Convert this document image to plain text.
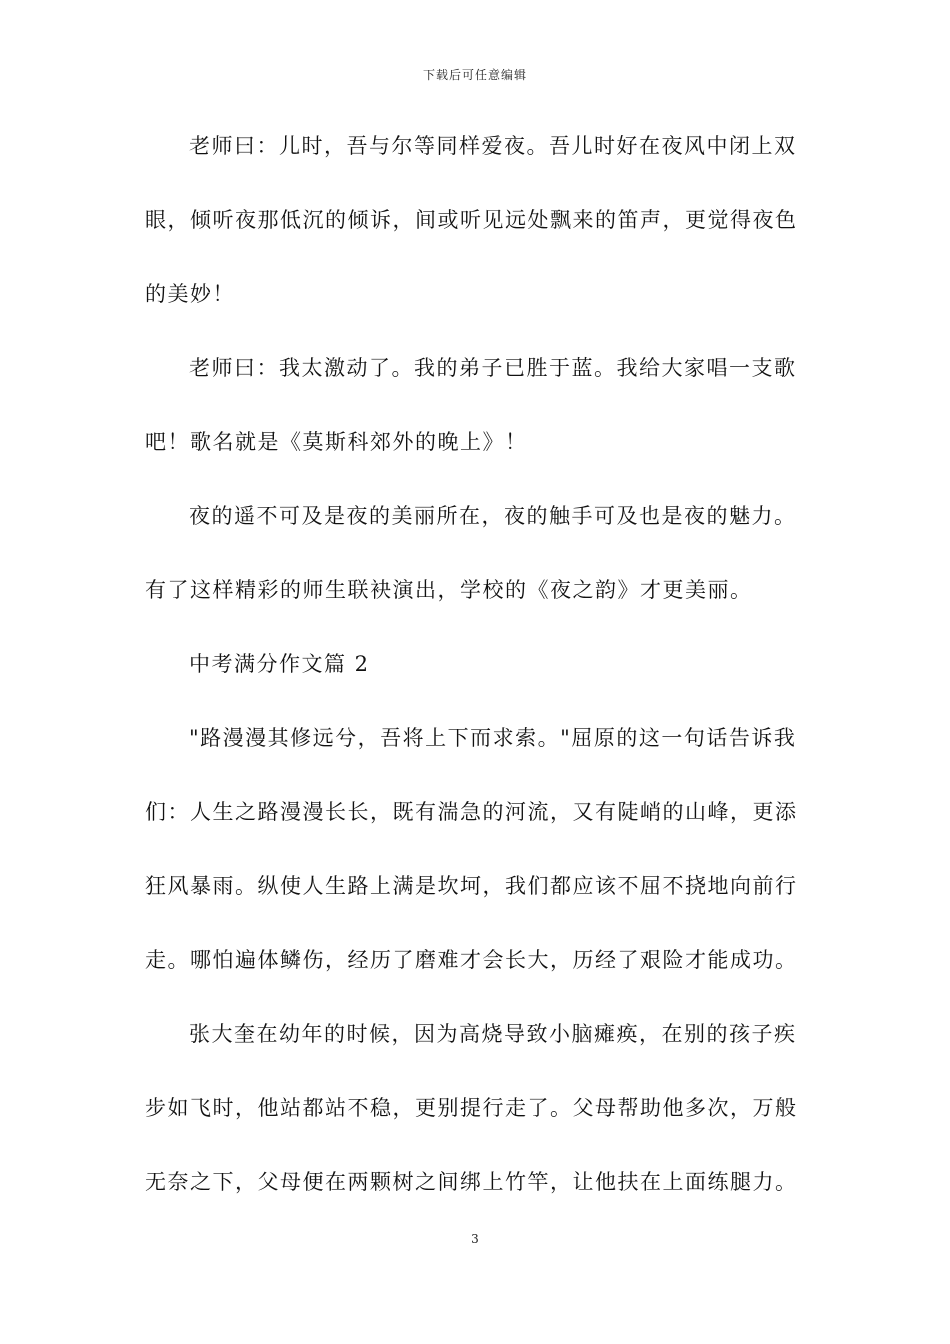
下载后可任意编辑
老师曰：儿时，吾与尔等同样爱夜。吾儿时好在夜风中闭上双
眼，倾听夜那低沉的倾诉，间或听见远处飘来的笛声，更觉得夜色
的美妙！
老师曰：我太激动了。我的弟子已胜于蓝。我给大家唱一支歌
吧！歌名就是《莫斯科郊外的晚上》！
夜的遥不可及是夜的美丽所在，夜的触手可及也是夜的魅力。
有了这样精彩的师生联袂演出，学校的《夜之韵》才更美丽。
中考满分作文篇 2
"路漫漫其修远兮，吾将上下而求索。"屈原的这一句话告诉我
们：人生之路漫漫长长，既有湍急的河流，又有陡峭的山峰，更添
狂风暴雨。纵使人生路上满是坎坷，我们都应该不屈不挠地向前行
走。哪怕遍体鳞伤，经历了磨难才会长大，历经了艰险才能成功。
张大奎在幼年的时候，因为高烧导致小脑瘫痪，在别的孩子疾
步如飞时，他站都站不稳，更别提行走了。父母帮助他多次，万般
无奈之下，父母便在两颗树之间绑上竹竿，让他扶在上面练腿力。
3
